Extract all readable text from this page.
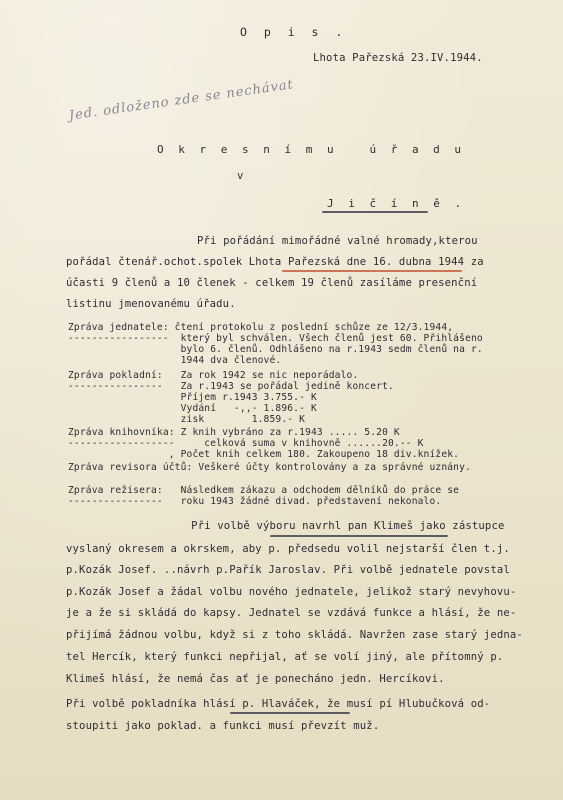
O p i s .
Lhota Pařezská 23.IV.1944.
Jed. odloženo zde se nechávat
O k r e s n í m u   ú ř a d u
v
J i č í n ě .
Při pořádání mimořádné valné hromady,kterou
pořádal čtenář.ochot.spolek Lhota Pařezská dne 16. dubna 1944 za
účasti 9 členů a 10 členek - celkem 19 členů zasíláme presenční
listinu jmenovanému úřadu.
Zpráva jednatele: čtení protokolu z poslední schůze ze 12/3.1944,
-----------------  který byl schválen. Všech členů jest 60. Přihlášeno
bylo 6. členů. Odhlášeno na r.1943 sedm členů na r.
1944 dva členové.
Zpráva pokladní:   Za rok 1942 se nic neporádalo.
----------------   Za r.1943 se pořádal jedině koncert.
Příjem r.1943 3.755.- K
Vydání   -,,- 1.896.- K
zisk        1.859.- K
Zpráva knihovníka: Z knih vybráno za r.1943 ..... 5.20 K
------------------     celková suma v knihovně ......20.-- K
, Počet knih celkem 180. Zakoupeno 18 div.knížek.
Zpráva revisora účtů: Veškeré účty kontrolovány a za správné uznány.
Zpráva režisera:   Následkem zákazu a odchodem dělníků do práce se
----------------   roku 1943 žádné divad. představení nekonalo.
Při volbě výboru navrhl pan Klimeš jako zástupce
vyslaný okresem a okrskem, aby p. předsedu volil nejstarší člen t.j.
p.Kozák Josef. ..návrh p.Pařík Jaroslav. Při volbě jednatele povstal
p.Kozák Josef a žádal volbu nového jednatele, jelikož starý nevyhovu-
je a že si skládá do kapsy. Jednatel se vzdává funkce a hlásí, že ne-
přijímá žádnou volbu, když si z toho skládá. Navržen zase starý jedna-
tel Hercík, který funkci nepřijal, ať se volí jiný, ale přítomný p.
Klimeš hlásí, že nemá čas ať je ponecháno jedn. Hercíkovi.
Při volbě pokladníka hlásí p. Hlaváček, že musí pí Hlubučková od-
stoupiti jako poklad. a funkci musí převzít muž.
